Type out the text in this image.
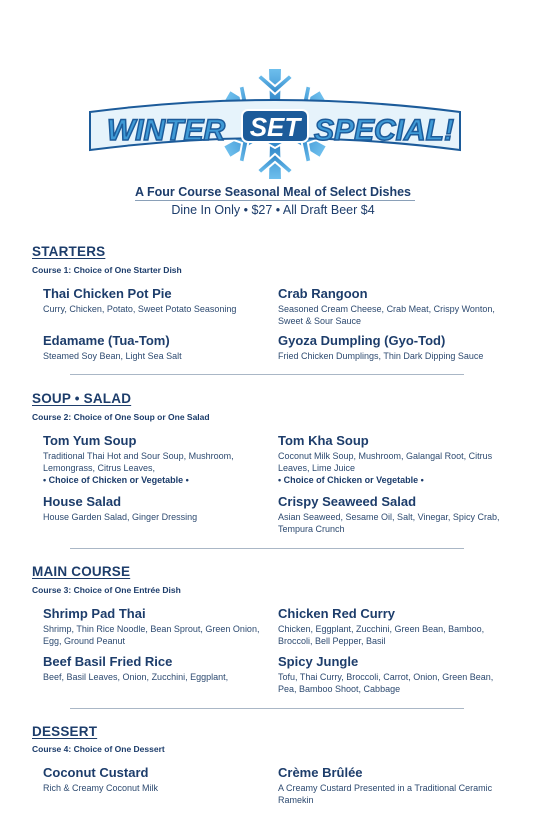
WINTER SET SPECIAL!
A Four Course Seasonal Meal of Select Dishes
Dine In Only • $27 • All Draft Beer $4
STARTERS
Course 1: Choice of One Starter Dish
Thai Chicken Pot Pie
Curry, Chicken, Potato, Sweet Potato Seasoning
Crab Rangoon
Seasoned Cream Cheese, Crab Meat, Crispy Wonton, Sweet & Sour Sauce
Edamame (Tua-Tom)
Steamed Soy Bean, Light Sea Salt
Gyoza Dumpling (Gyo-Tod)
Fried Chicken Dumplings, Thin Dark Dipping Sauce
SOUP • SALAD
Course 2: Choice of One Soup or One Salad
Tom Yum Soup
Traditional Thai Hot and Sour Soup, Mushroom, Lemongrass, Citrus Leaves,
• Choice of Chicken or Vegetable •
Tom Kha Soup
Coconut Milk Soup, Mushroom, Galangal Root, Citrus Leaves, Lime Juice
• Choice of Chicken or Vegetable •
House Salad
House Garden Salad, Ginger Dressing
Crispy Seaweed Salad
Asian Seaweed, Sesame Oil, Salt, Vinegar, Spicy Crab, Tempura Crunch
MAIN COURSE
Course 3: Choice of One Entrée Dish
Shrimp Pad Thai
Shrimp, Thin Rice Noodle, Bean Sprout, Green Onion, Egg, Ground Peanut
Chicken Red Curry
Chicken, Eggplant, Zucchini, Green Bean, Bamboo, Broccoli, Bell Pepper, Basil
Beef Basil Fried Rice
Beef, Basil Leaves, Onion, Zucchini, Eggplant,
Spicy Jungle
Tofu, Thai Curry, Broccoli, Carrot, Onion, Green Bean, Pea, Bamboo Shoot, Cabbage
DESSERT
Course 4: Choice of One Dessert
Coconut Custard
Rich & Creamy Coconut Milk
Crème Brûlée
A Creamy Custard Presented in a Traditional Ceramic Ramekin
